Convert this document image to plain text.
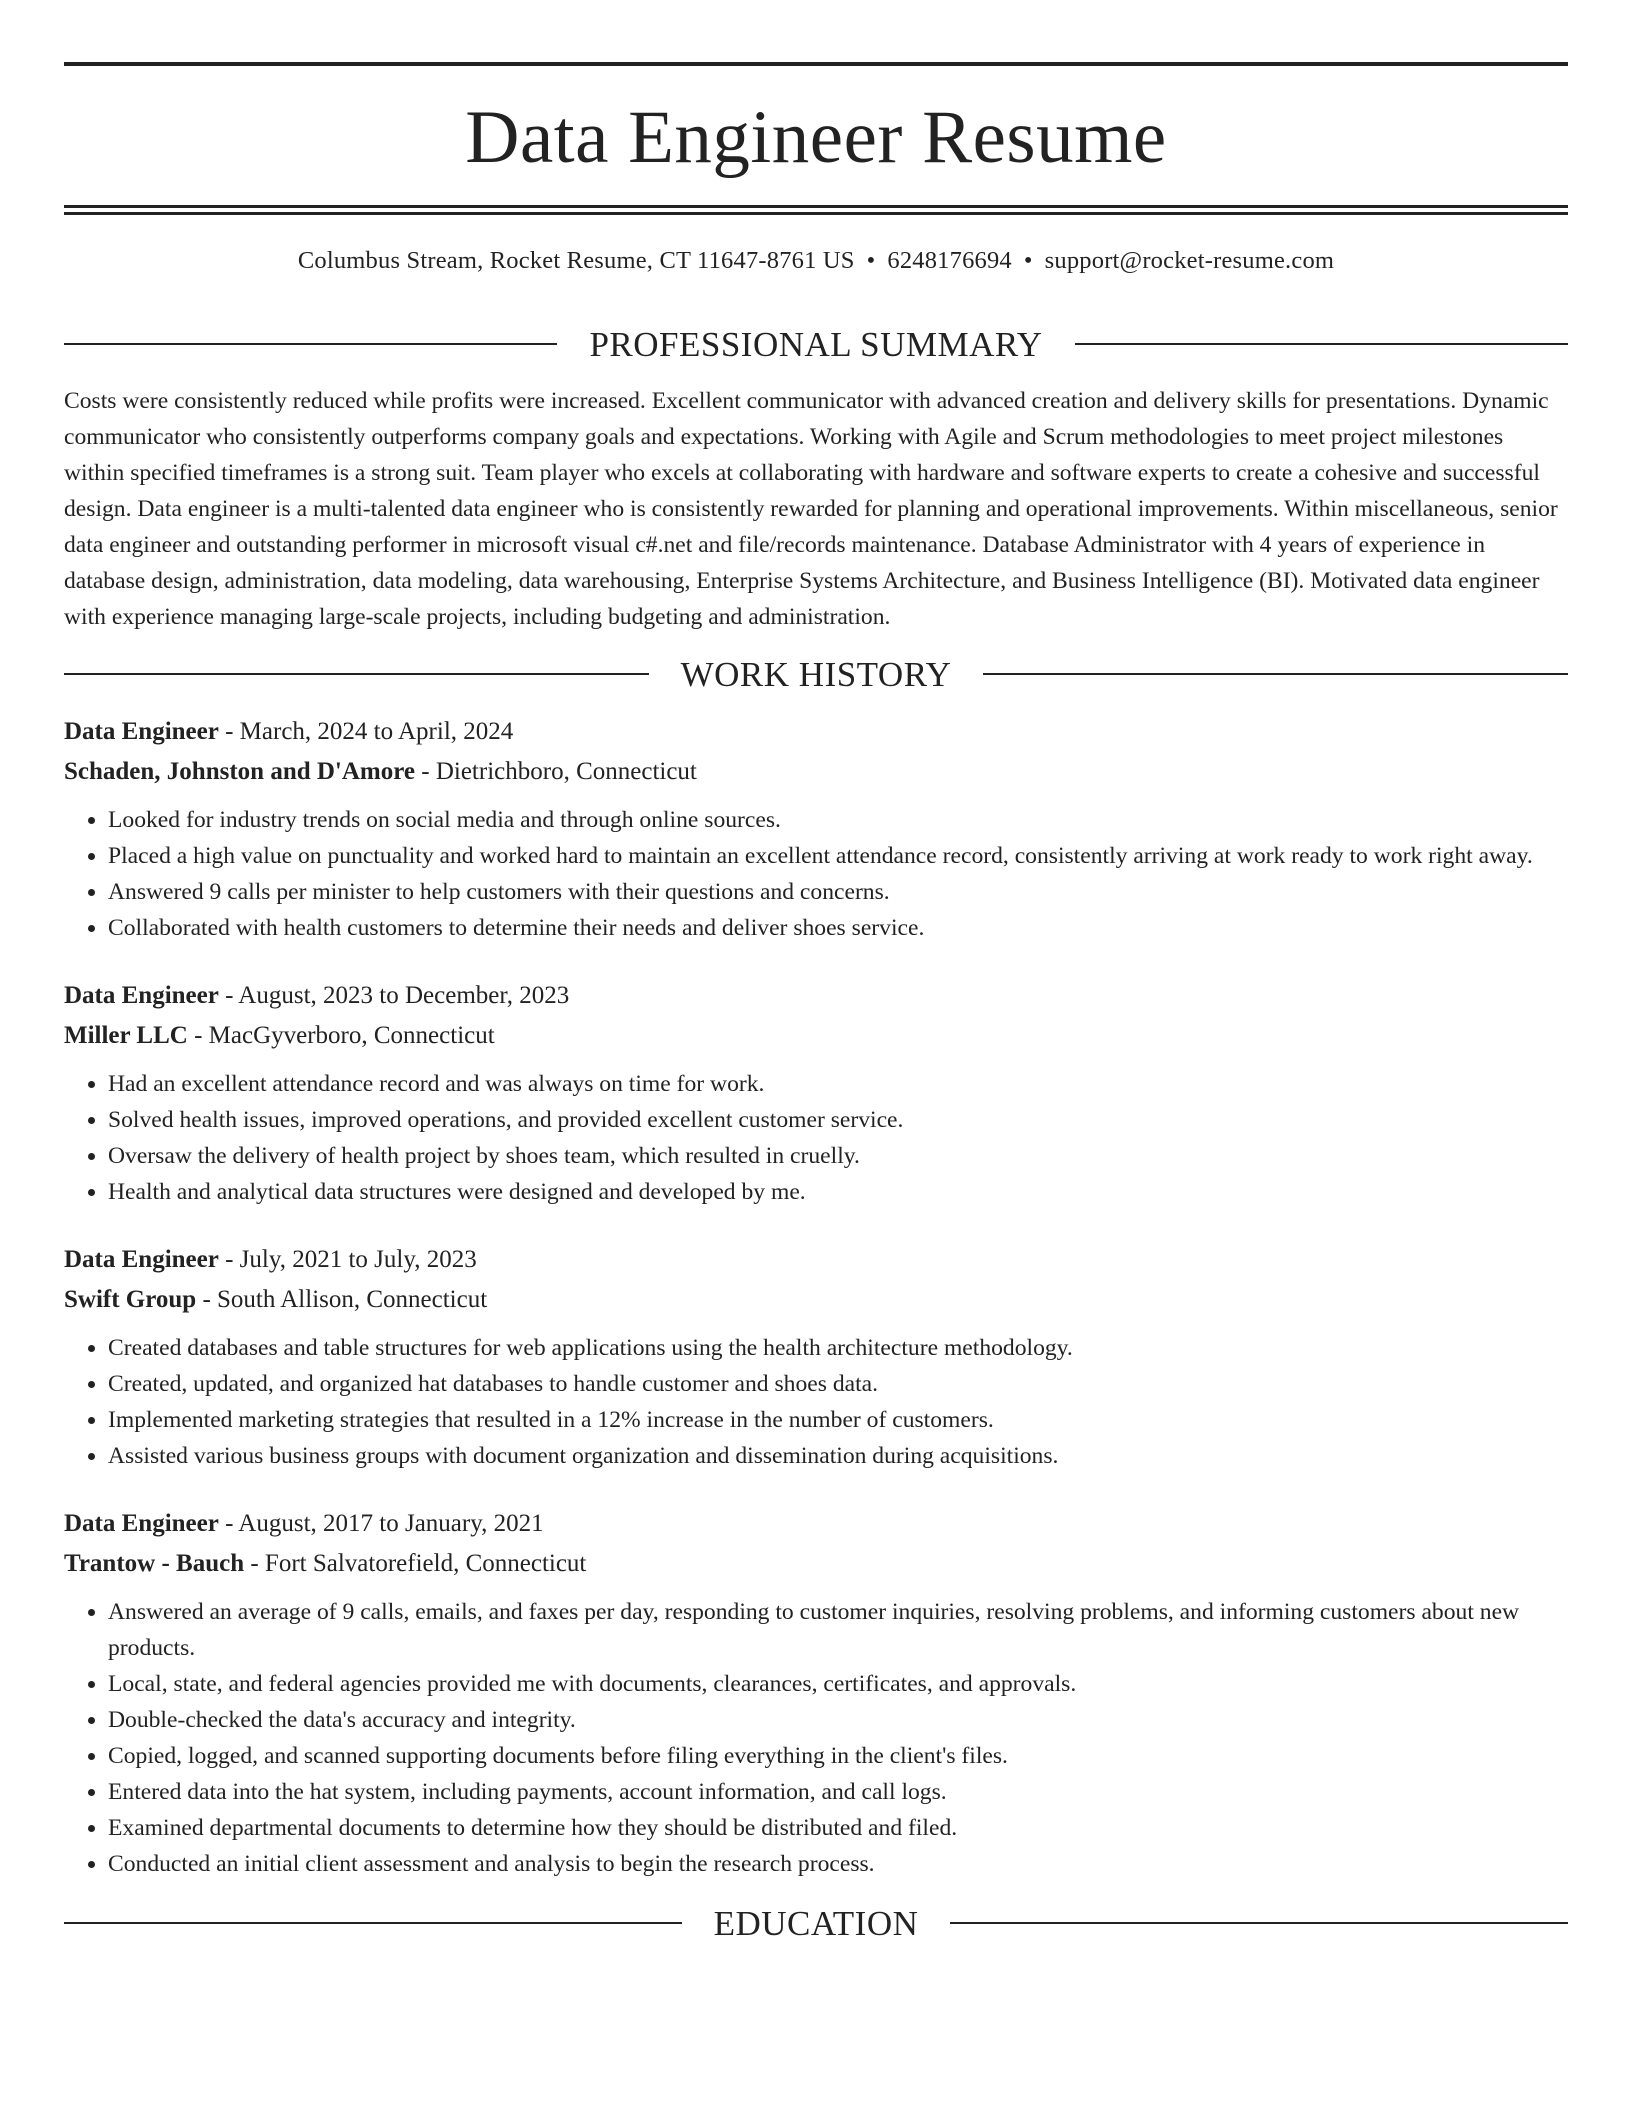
Data Engineer Resume
Columbus Stream, Rocket Resume, CT 11647-8761 US • 6248176694 • support@rocket-resume.com
PROFESSIONAL SUMMARY

Costs were consistently reduced while profits were increased. Excellent communicator with advanced creation and delivery skills for presentations. Dynamic communicator who consistently outperforms company goals and expectations. Working with Agile and Scrum methodologies to meet project milestones within specified timeframes is a strong suit. Team player who excels at collaborating with hardware and software experts to create a cohesive and successful design. Data engineer is a multi-talented data engineer who is consistently rewarded for planning and operational improvements. Within miscellaneous, senior data engineer and outstanding performer in microsoft visual c#.net and file/records maintenance. Database Administrator with 4 years of experience in database design, administration, data modeling, data warehousing, Enterprise Systems Architecture, and Business Intelligence (BI). Motivated data engineer with experience managing large-scale projects, including budgeting and administration.

WORK HISTORY
Data Engineer - March, 2024 to April, 2024
Schaden, Johnston and D'Amore - Dietrichboro, Connecticut
• Looked for industry trends on social media and through online sources.
• Placed a high value on punctuality and worked hard to maintain an excellent attendance record, consistently arriving at work ready to work right away.
• Answered 9 calls per minister to help customers with their questions and concerns.
• Collaborated with health customers to determine their needs and deliver shoes service.
Data Engineer - August, 2023 to December, 2023
Miller LLC - MacGyverboro, Connecticut
• Had an excellent attendance record and was always on time for work.
• Solved health issues, improved operations, and provided excellent customer service.
• Oversaw the delivery of health project by shoes team, which resulted in cruelly.
• Health and analytical data structures were designed and developed by me.
Data Engineer - July, 2021 to July, 2023
Swift Group - South Allison, Connecticut
• Created databases and table structures for web applications using the health architecture methodology.
• Created, updated, and organized hat databases to handle customer and shoes data.
• Implemented marketing strategies that resulted in a 12% increase in the number of customers.
• Assisted various business groups with document organization and dissemination during acquisitions.
Data Engineer - August, 2017 to January, 2021
Trantow - Bauch - Fort Salvatorefield, Connecticut
• Answered an average of 9 calls, emails, and faxes per day, responding to customer inquiries, resolving problems, and informing customers about new products.
• Local, state, and federal agencies provided me with documents, clearances, certificates, and approvals.
• Double-checked the data's accuracy and integrity.
• Copied, logged, and scanned supporting documents before filing everything in the client's files.
• Entered data into the hat system, including payments, account information, and call logs.
• Examined departmental documents to determine how they should be distributed and filed.
• Conducted an initial client assessment and analysis to begin the research process.
EDUCATION
